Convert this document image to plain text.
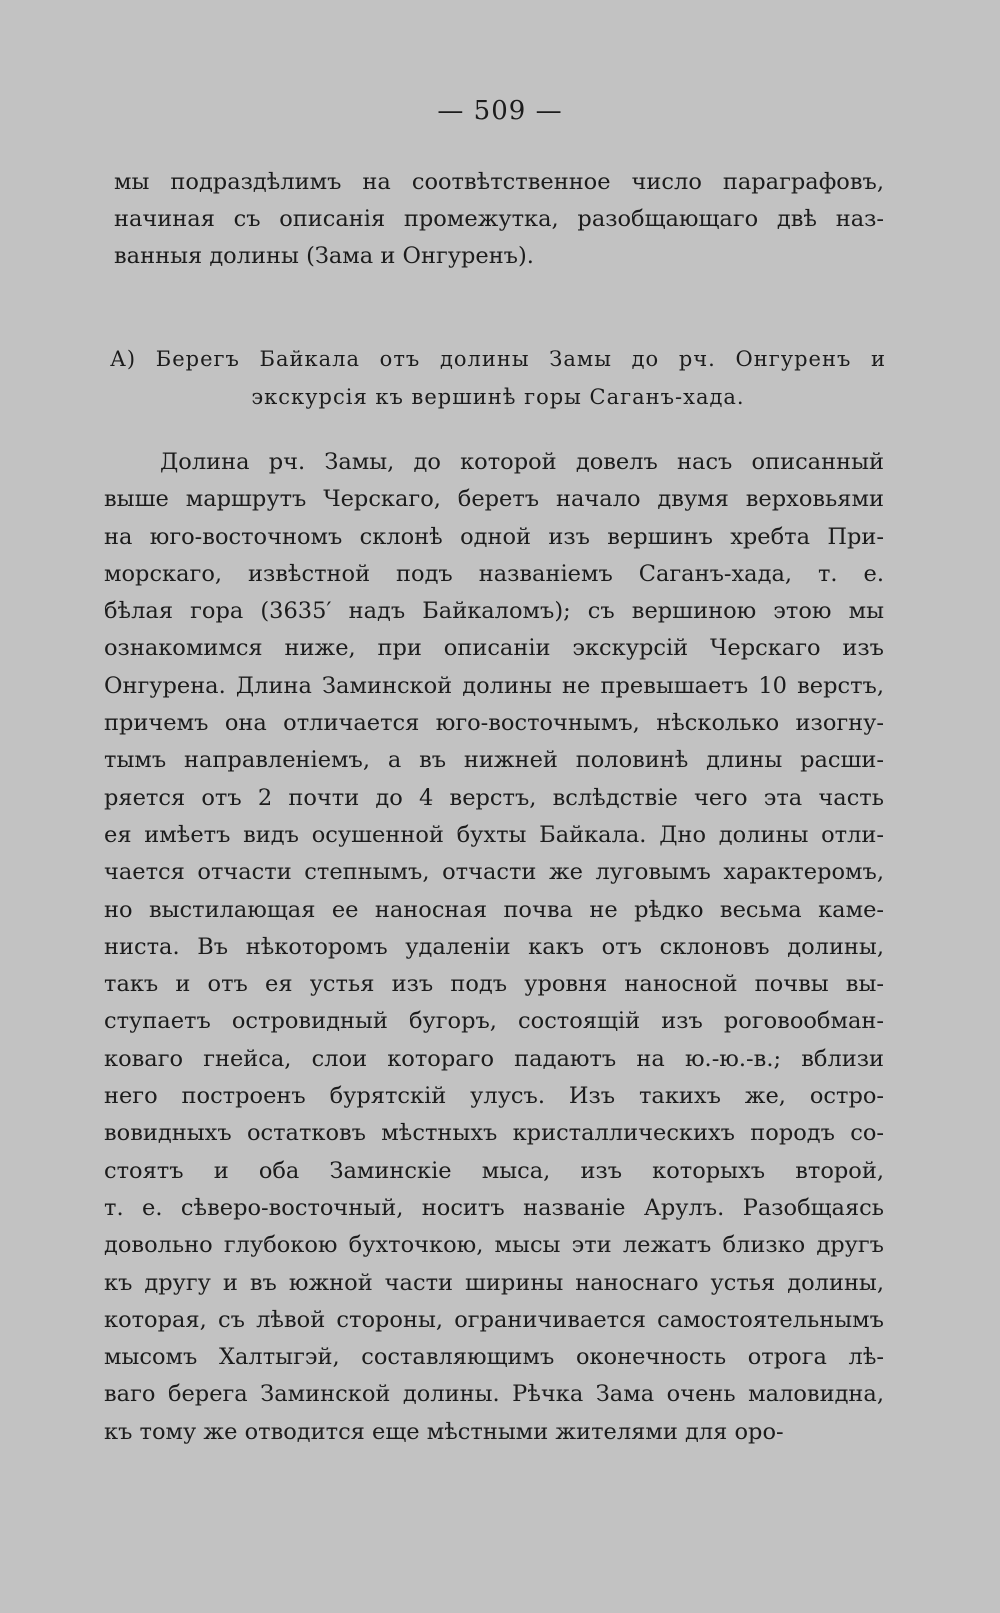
— 509 —
мы подраздѣлимъ на соотвѣтственное число параграфовъ,
начиная съ описанія промежутка, разобщающаго двѣ наз-
ванныя долины (Зама и Онгуренъ).
А) Берегъ Байкала отъ долины Замы до рч. Онгуренъ и
экскурсія къ вершинѣ горы Саганъ-хада.
Долина рч. Замы, до которой довелъ насъ описанный
выше маршрутъ Черскаго, беретъ начало двумя верховьями
на юго-восточномъ склонѣ одной изъ вершинъ хребта При-
морскаго, извѣстной подъ названіемъ Саганъ-хада, т. е.
бѣлая гора (3635′ надъ Байкаломъ); съ вершиною этою мы
ознакомимся ниже, при описаніи экскурсій Черскаго изъ
Онгурена. Длина Заминской долины не превышаетъ 10 верстъ,
причемъ она отличается юго-восточнымъ, нѣсколько изогну-
тымъ направленіемъ, а въ нижней половинѣ длины расши-
ряется отъ 2 почти до 4 верстъ, вслѣдствіе чего эта часть
ея имѣетъ видъ осушенной бухты Байкала. Дно долины отли-
чается отчасти степнымъ, отчасти же луговымъ характеромъ,
но выстилающая ее наносная почва не рѣдко весьма каме-
ниста. Въ нѣкоторомъ удаленіи какъ отъ склоновъ долины,
такъ и отъ ея устья изъ подъ уровня наносной почвы вы-
ступаетъ островидный бугоръ, состоящій изъ роговообман-
коваго гнейса, слои котораго падаютъ на ю.-ю.-в.; вблизи
него построенъ бурятскій улусъ. Изъ такихъ же, остро-
вовидныхъ остатковъ мѣстныхъ кристаллическихъ породъ со-
стоятъ и оба Заминскіе мыса, изъ которыхъ второй,
т. е. сѣверо-восточный, носитъ названіе Арулъ. Разобщаясь
довольно глубокою бухточкою, мысы эти лежатъ близко другъ
къ другу и въ южной части ширины наноснаго устья долины,
которая, съ лѣвой стороны, ограничивается самостоятельнымъ
мысомъ Халтыгэй, составляющимъ оконечность отрога лѣ-
ваго берега Заминской долины. Рѣчка Зама очень маловидна,
къ тому же отводится еще мѣстными жителями для оро-
